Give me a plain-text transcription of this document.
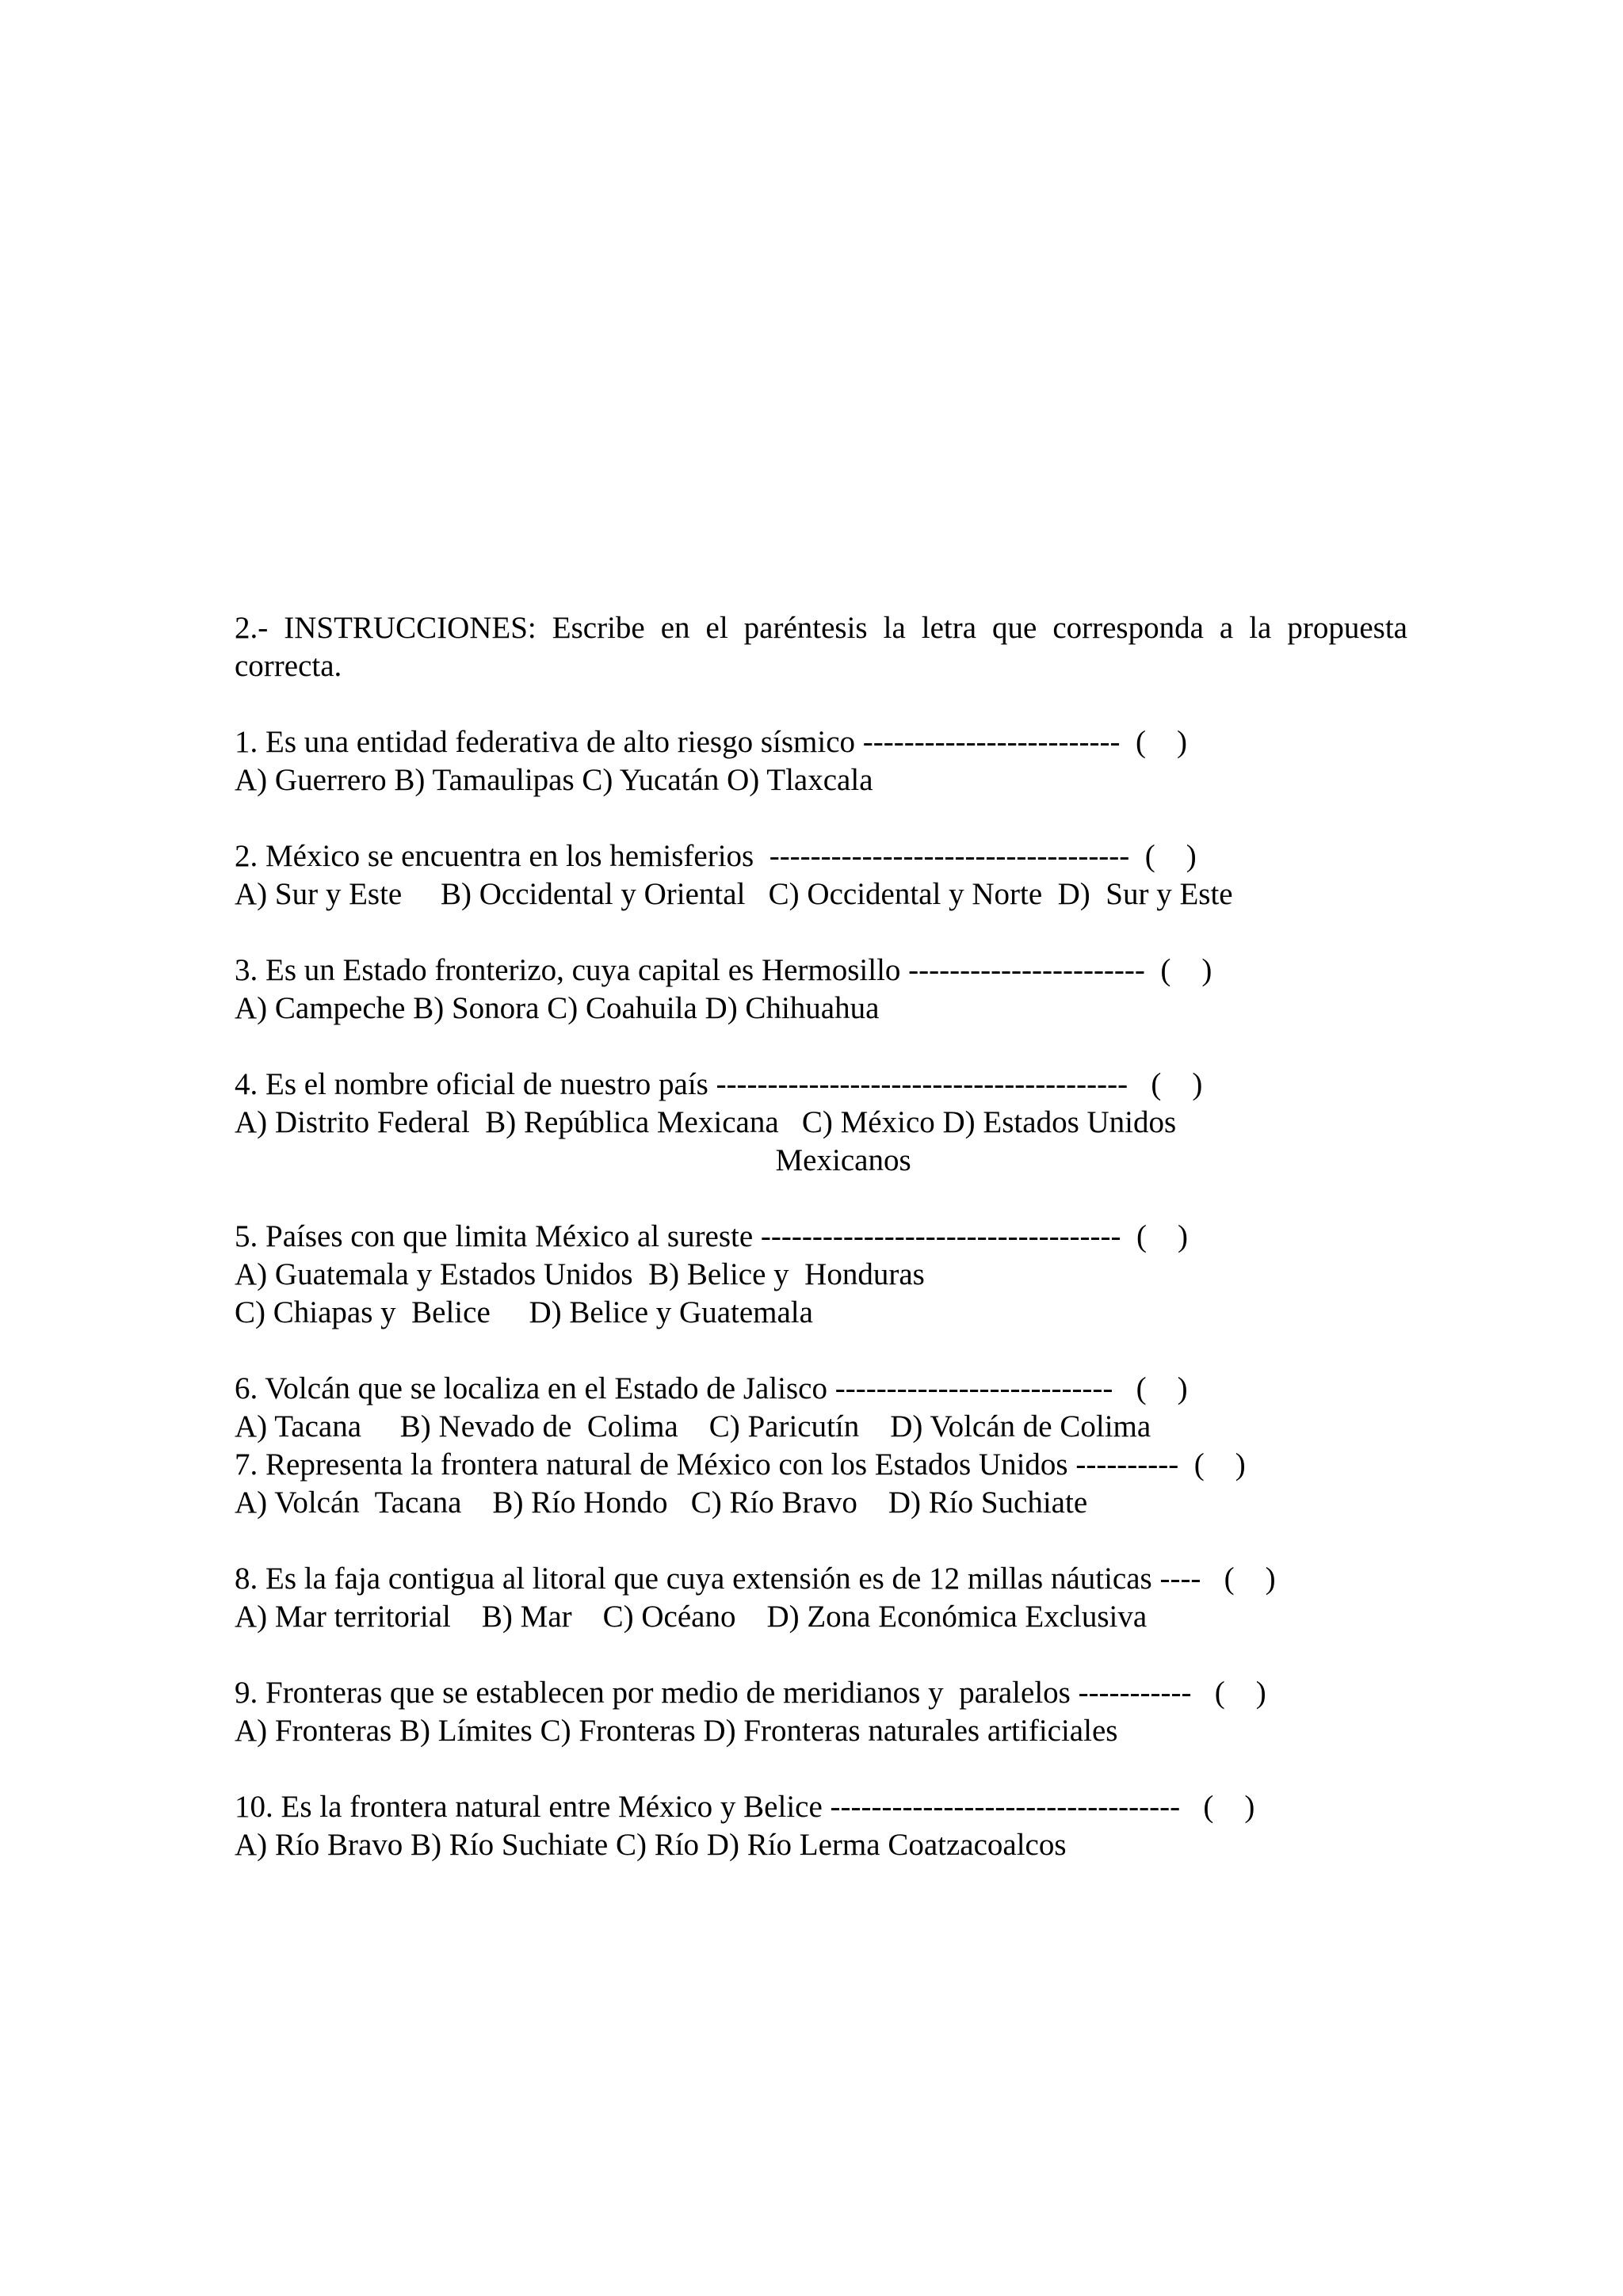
2.- INSTRUCCIONES: Escribe en el paréntesis la letra que corresponda a la propuesta correcta.

1. Es una entidad federativa de alto riesgo sísmico -------------------------  (    )
A) Guerrero B) Tamaulipas C) Yucatán O) Tlaxcala
2. México se encuentra en los hemisferios  -----------------------------------  (    )
A) Sur y Este     B) Occidental y Oriental   C) Occidental y Norte  D)  Sur y Este
3. Es un Estado fronterizo, cuya capital es Hermosillo -----------------------  (    )
A) Campeche B) Sonora C) Coahuila D) Chihuahua
4. Es el nombre oficial de nuestro país ----------------------------------------   (    )
A) Distrito Federal  B) República Mexicana   C) México D) Estados Unidos
Mexicanos
5. Países con que limita México al sureste -----------------------------------  (    )
A) Guatemala y Estados Unidos  B) Belice y  Honduras
C) Chiapas y  Belice     D) Belice y Guatemala
6. Volcán que se localiza en el Estado de Jalisco ---------------------------   (    )
A) Tacana     B) Nevado de  Colima    C) Paricutín    D) Volcán de Colima
7. Representa la frontera natural de México con los Estados Unidos ----------  (    )
A) Volcán  Tacana    B) Río Hondo   C) Río Bravo    D) Río Suchiate
8. Es la faja contigua al litoral que cuya extensión es de 12 millas náuticas ----   (    )
A) Mar territorial    B) Mar    C) Océano    D) Zona Económica Exclusiva
9. Fronteras que se establecen por medio de meridianos y  paralelos -----------   (    )
A) Fronteras B) Límites C) Fronteras D) Fronteras naturales artificiales
10. Es la frontera natural entre México y Belice ----------------------------------   (    )
A) Río Bravo B) Río Suchiate C) Río D) Río Lerma Coatzacoalcos
